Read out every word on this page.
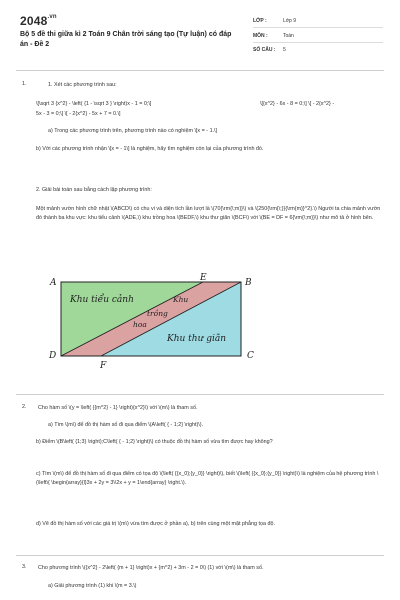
$2048^{.vn}$
Bộ 5 đề thi giữa kì 2 Toán 9 Chân trời sáng tạo (Tự luận) có đáp án - Đề 2
LỚP :	Lớp 9
MÔN :	Toán
SỐ CÂU : 5
1.	1. Xét các phương trình sau:

\[\sqrt 3 {x^2} - \left( {1 - \sqrt 3 } \right)x - 1 = 0;\]	\[{x^2} - 6x - 8 = 0;\] \[ - 2{x^2} -

5x - 3 = 0;\] \[ - 2{x^2} - 5x + 7 = 0.\]

a) Trong các phương trình trên, phương trình nào có nghiệm \[x = - 1.\]

b) Với các phương trình nhận \[x = - 1\] là nghiệm, hãy tìm nghiệm còn lại của phương trình đó.

2. Giải bài toán sau bằng cách lập phương trình:

Một mảnh vườn hình chữ nhật \(ABCD\) có chu vi và diện tích lần lượt là \(70{\rm{\;m}}\) và \(250{\rm{\;}}{\rm{m}}^2}.\) Người ta chia mảnh vườn đó thành ba khu vực: khu tiểu cảnh \(ADE,\) khu trồng hoa \(BEDF,\) khu thư giãn \(BCF\) với \(BE = DF = 6{\rm{\;m}}\) như mô tả ở hình bên.

A	E	B
D
F
C
Khu tiểu cảnh	Khu
trồng
hoa
Khu thư giãn
2. Cho hàm số \(y = \left( {{m^2} - 1} \right){x^2}\) với \(m\) là tham số.

a) Tìm \(m\) để đồ thị hàm số đi qua điểm \(A\left( { - 1;2} \right)\).

b) Điểm \(B\left( {1;3} \right);C\left( { - 1;2} \right)\) có thuộc đồ thị hàm số vừa tìm được hay không?

c) Tìm \(m\) để đồ thị hàm số đi qua điểm có tọa độ \(\left( {{x_0};{y_0}} \right)\), biết \(\left( {{x_0};{y_0}} \right)\) là nghiệm của hệ phương trình \(\left\{ \begin{array}{l}3x + 2y = 3\\2x + y = 1\end{array} \right.\).

d) Vẽ đồ thị hàm số với các giá trị \(m\) vừa tìm được ở phần a), b) trên cùng một mặt phẳng tọa độ.

3. Cho phương trình \({x^2} - 2\left( {m + 1} \right)x + {m^2} + 3m - 2 = 0\) (1) với \(m\) là tham số.

a) Giải phương trình (1) khi \(m = 3.\)
